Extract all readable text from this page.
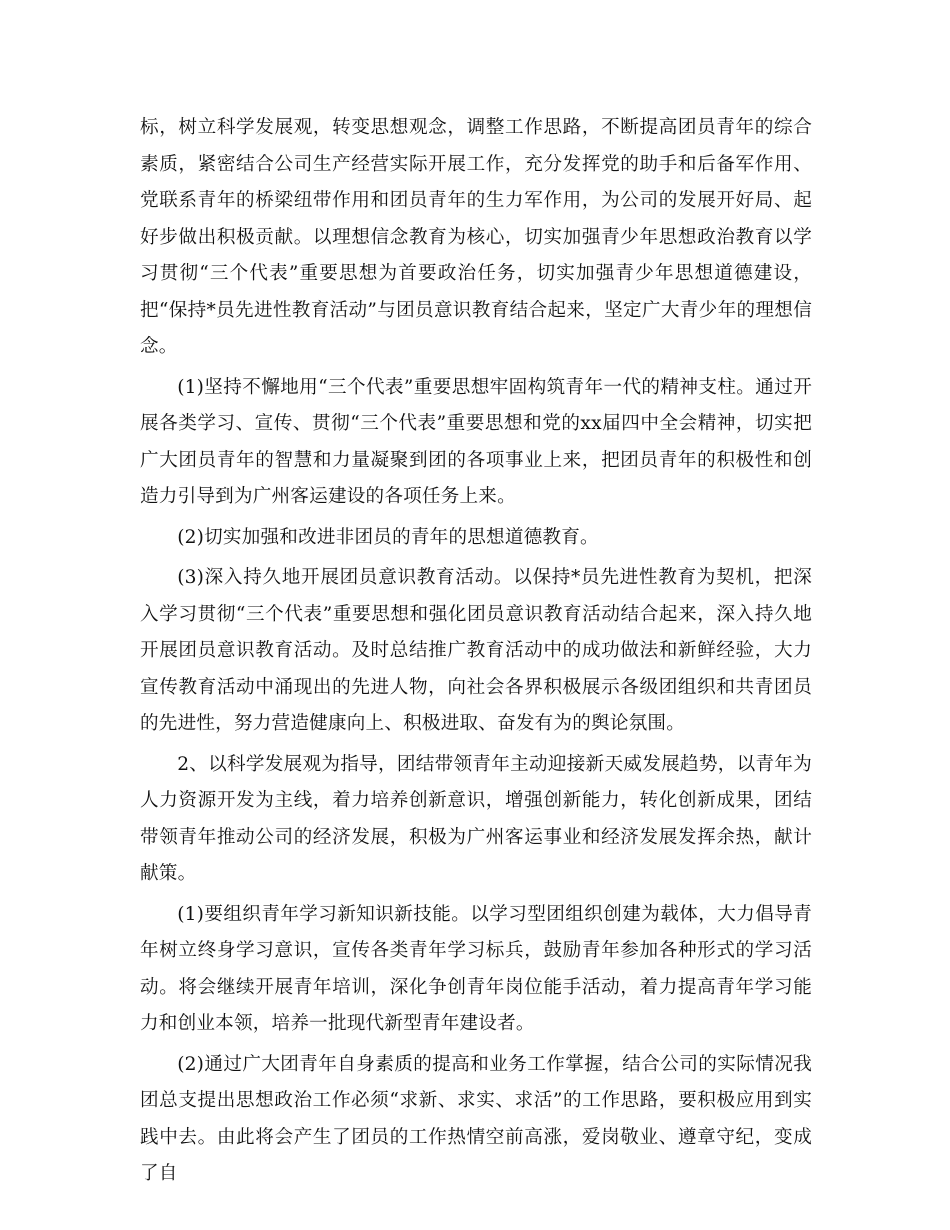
标，树立科学发展观，转变思想观念，调整工作思路，不断提高团员青年的综合素质，紧密结合公司生产经营实际开展工作，充分发挥党的助手和后备军作用、党联系青年的桥梁纽带作用和团员青年的生力军作用，为公司的发展开好局、起好步做出积极贡献。以理想信念教育为核心，切实加强青少年思想政治教育以学习贯彻“三个代表”重要思想为首要政治任务，切实加强青少年思想道德建设，把“保持*员先进性教育活动”与团员意识教育结合起来，坚定广大青少年的理想信念。

(1)坚持不懈地用“三个代表”重要思想牢固构筑青年一代的精神支柱。通过开展各类学习、宣传、贯彻“三个代表”重要思想和党的xx届四中全会精神，切实把广大团员青年的智慧和力量凝聚到团的各项事业上来，把团员青年的积极性和创造力引导到为广州客运建设的各项任务上来。

(2)切实加强和改进非团员的青年的思想道德教育。

(3)深入持久地开展团员意识教育活动。以保持*员先进性教育为契机，把深入学习贯彻“三个代表”重要思想和强化团员意识教育活动结合起来，深入持久地开展团员意识教育活动。及时总结推广教育活动中的成功做法和新鲜经验，大力宣传教育活动中涌现出的先进人物，向社会各界积极展示各级团组织和共青团员的先进性，努力营造健康向上、积极进取、奋发有为的舆论氛围。

2、以科学发展观为指导，团结带领青年主动迎接新天威发展趋势，以青年为人力资源开发为主线，着力培养创新意识，增强创新能力，转化创新成果，团结带领青年推动公司的经济发展，积极为广州客运事业和经济发展发挥余热，献计献策。

(1)要组织青年学习新知识新技能。以学习型团组织创建为载体，大力倡导青年树立终身学习意识，宣传各类青年学习标兵，鼓励青年参加各种形式的学习活动。将会继续开展青年培训，深化争创青年岗位能手活动，着力提高青年学习能力和创业本领，培养一批现代新型青年建设者。

(2)通过广大团青年自身素质的提高和业务工作掌握，结合公司的实际情况我团总支提出思想政治工作必须“求新、求实、求活”的工作思路，要积极应用到实践中去。由此将会产生了团员的工作热情空前高涨，爱岗敬业、遵章守纪，变成了自
